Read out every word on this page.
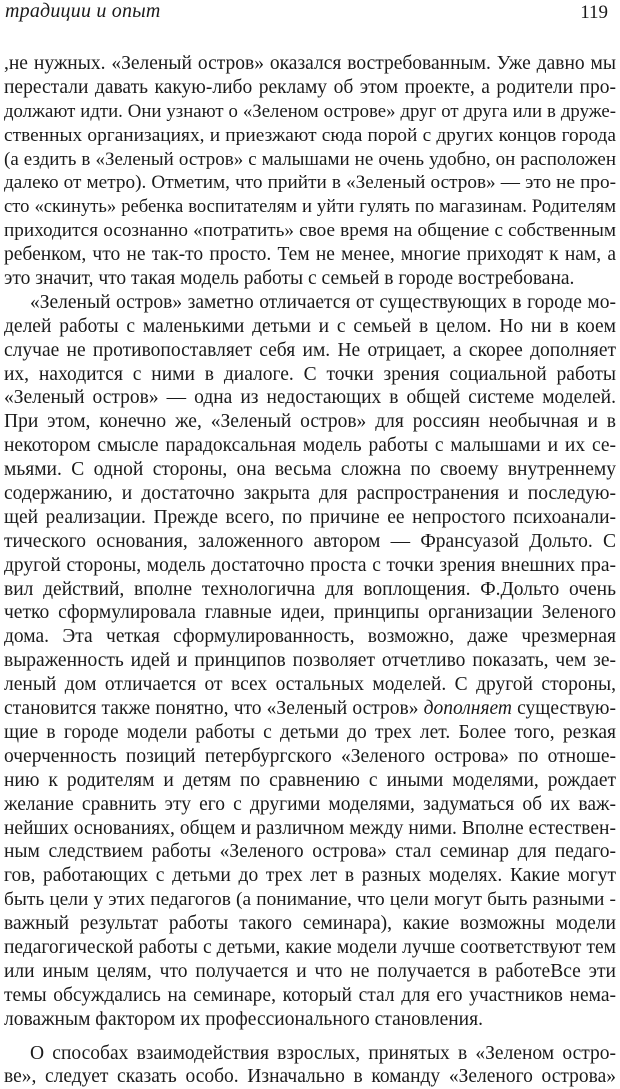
традиции и опыт	119
,не нужных. «Зеленый остров» оказался востребованным. Уже давно мы
перестали давать какую-либо рекламу об этом проекте, а родители про-
должают идти. Они узнают о «Зеленом острове» друг от друга или в друже-
ственных организациях, и приезжают сюда порой с других концов города
(а ездить в «Зеленый остров» с малышами не очень удобно, он расположен
далеко от метро). Отметим, что прийти в «Зеленый остров» — это не про-
сто «скинуть» ребенка воспитателям и уйти гулять по магазинам. Родителям
приходится осознанно «потратить» свое время на общение с собственным
ребенком, что не так-то просто. Тем не менее, многие приходят к нам, а
это значит, что такая модель работы с семьей в городе востребована.
«Зеленый остров» заметно отличается от существующих в городе мо-
делей работы с маленькими детьми и с семьей в целом. Но ни в коем
случае не противопоставляет себя им. Не отрицает, а скорее дополняет
их, находится с ними в диалоге. С точки зрения социальной работы
«Зеленый остров» — одна из недостающих в общей системе моделей.
При этом, конечно же, «Зеленый остров» для россиян необычная и в
некотором смысле парадоксальная модель работы с малышами и их се-
мьями. С одной стороны, она весьма сложна по своему внутреннему
содержанию, и достаточно закрыта для распространения и последую-
щей реализации. Прежде всего, по причине ее непростого психоанали-
тического основания, заложенного автором — Франсуазой Дольто. С
другой стороны, модель достаточно проста с точки зрения внешних пра-
вил действий, вполне технологична для воплощения. Ф.Дольто очень
четко сформулировала главные идеи, принципы организации Зеленого
дома. Эта четкая сформулированность, возможно, даже чрезмерная
выраженность идей и принципов позволяет отчетливо показать, чем зе-
леный дом отличается от всех остальных моделей. С другой стороны,
становится также понятно, что «Зеленый остров» дополняет существую-
щие в городе модели работы с детьми до трех лет. Более того, резкая
очерченность позиций петербургского «Зеленого острова» по отноше-
нию к родителям и детям по сравнению с иными моделями, рождает
желание сравнить эту его с другими моделями, задуматься об их важ-
нейших основаниях, общем и различном между ними. Вполне естествен-
ным следствием работы «Зеленого острова» стал семинар для педаго-
гов, работающих с детьми до трех лет в разных моделях. Какие могут
быть цели у этих педагогов (а понимание, что цели могут быть разными -
важный результат работы такого семинара), какие возможны модели
педагогической работы с детьми, какие модели лучше соответствуют тем
или иным целям, что получается и что не получается в работеВсе эти
темы обсуждались на семинаре, который стал для его участников нема-
ловажным фактором их профессионального становления.
О способах взаимодействия взрослых, принятых в «Зеленом остро-
ве», следует сказать особо. Изначально в команду «Зеленого острова»
